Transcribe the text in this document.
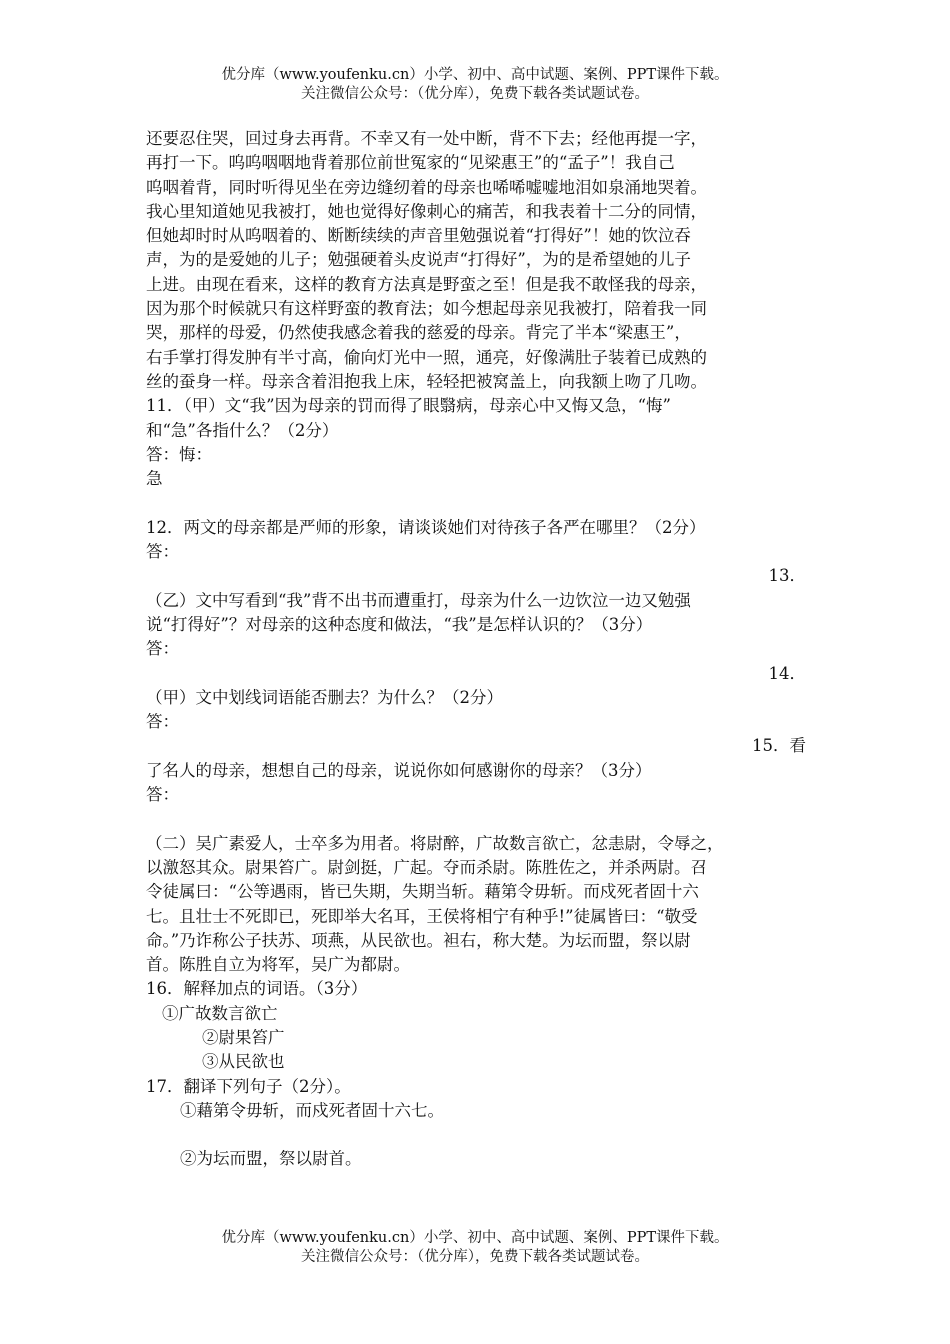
优分库（www.youfenku.cn）小学、初中、高中试题、案例、PPT课件下载。
关注微信公众号：（优分库），免费下载各类试题试卷。
还要忍住哭，回过身去再背。不幸又有一处中断，背不下去；经他再提一字，
再打一下。呜呜咽咽地背着那位前世冤家的“见梁惠王”的“孟子”！我自己
呜咽着背，同时听得见坐在旁边缝纫着的母亲也唏唏嘘嘘地泪如泉涌地哭着。
我心里知道她见我被打，她也觉得好像刺心的痛苦，和我表着十二分的同情，
但她却时时从呜咽着的、断断续续的声音里勉强说着“打得好”！她的饮泣吞
声，为的是爱她的儿子；勉强硬着头皮说声“打得好”，为的是希望她的儿子
上进。由现在看来，这样的教育方法真是野蛮之至！但是我不敢怪我的母亲，
因为那个时候就只有这样野蛮的教育法；如今想起母亲见我被打，陪着我一同
哭，那样的母爱，仍然使我感念着我的慈爱的母亲。背完了半本“梁惠王”，
右手掌打得发肿有半寸高，偷向灯光中一照，通亮，好像满肚子装着已成熟的
丝的蚕身一样。母亲含着泪抱我上床，轻轻把被窝盖上，向我额上吻了几吻。
11．（甲）文“我”因为母亲的罚而得了眼翳病，母亲心中又悔又急，“悔”
和“急”各指什么？（2分）
答：悔：
急
12．两文的母亲都是严师的形象，请谈谈她们对待孩子各严在哪里？（2分）
答：
13．
（乙）文中写看到“我”背不出书而遭重打，母亲为什么一边饮泣一边又勉强
说“打得好”？对母亲的这种态度和做法，“我”是怎样认识的？（3分）
答：
14．
（甲）文中划线词语能否删去？为什么？（2分）
答：
15．看
了名人的母亲，想想自己的母亲，说说你如何感谢你的母亲？（3分）
答：
（二）吴广素爱人，士卒多为用者。将尉醉，广故数言欲亡，忿恚尉，令辱之，
以激怒其众。尉果笞广。尉剑挺，广起。夺而杀尉。陈胜佐之，并杀两尉。召
令徒属曰：“公等遇雨，皆已失期，失期当斩。藉第令毋斩。而戍死者固十六
七。且壮士不死即已，死即举大名耳，王侯将相宁有种乎!”徒属皆曰：“敬受
命。”乃诈称公子扶苏、项燕，从民欲也。袒右，称大楚。为坛而盟，祭以尉
首。陈胜自立为将军，吴广为都尉。
16．解释加点的词语。（3分）
①广故数言欲亡
②尉果笞广
③从民欲也
17．翻译下列句子（2分）。
①藉第令毋斩，而戍死者固十六七。
②为坛而盟，祭以尉首。
优分库（www.youfenku.cn）小学、初中、高中试题、案例、PPT课件下载。
关注微信公众号：（优分库），免费下载各类试题试卷。
